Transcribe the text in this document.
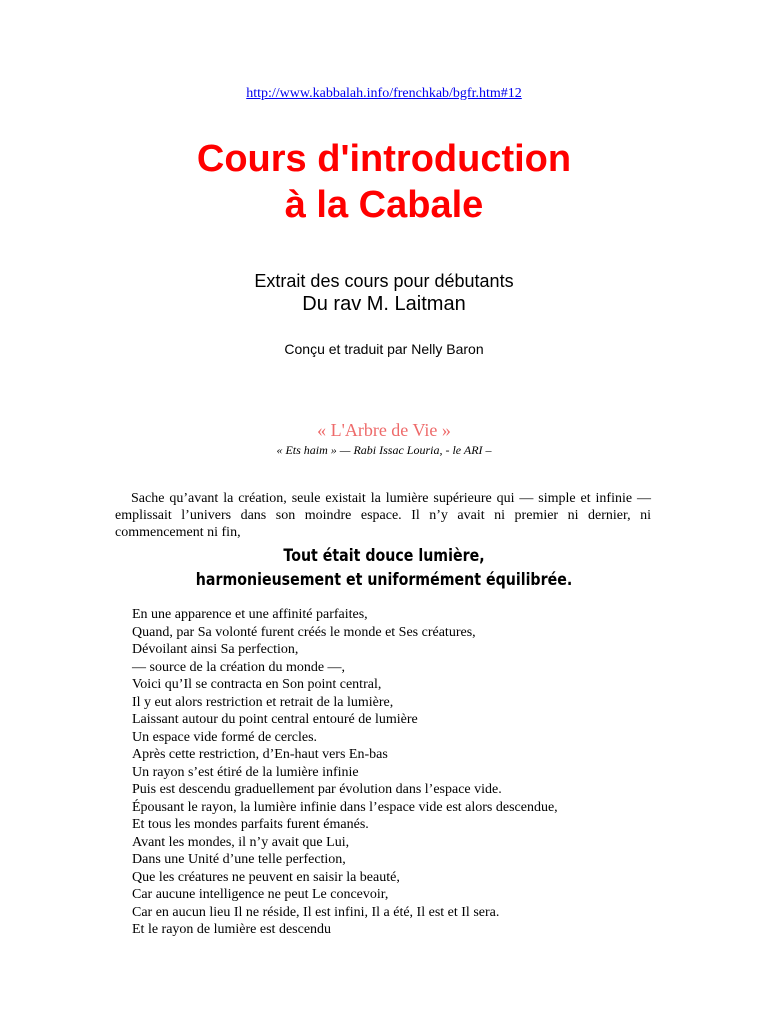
http://www.kabbalah.info/frenchkab/bgfr.htm#12
Cours d'introduction
à la Cabale
Extrait des cours pour débutants
Du rav M. Laitman
Conçu et traduit par Nelly Baron
« L'Arbre de Vie »
« Ets haim » — Rabi Issac Louria, - le ARI –

Sache qu’avant la création, seule existait la lumière supérieure qui — simple et infinie — emplissait l’univers dans son moindre espace. Il n’y avait ni premier ni dernier, ni commencement ni fin,

Tout était douce lumière,
harmonieusement et uniformément équilibrée.
En une apparence et une affinité parfaites,
Quand, par Sa volonté furent créés le monde et Ses créatures,
Dévoilant ainsi Sa perfection,
— source de la création du monde —,
Voici qu’Il se contracta en Son point central,
Il y eut alors restriction et retrait de la lumière,
Laissant autour du point central entouré de lumière
Un espace vide formé de cercles.
Après cette restriction, d’En-haut vers En-bas
Un rayon s’est étiré de la lumière infinie
Puis est descendu graduellement par évolution dans l’espace vide.
Épousant le rayon, la lumière infinie dans l’espace vide est alors descendue,
Et tous les mondes parfaits furent émanés.
Avant les mondes, il n’y avait que Lui,
Dans une Unité d’une telle perfection,
Que les créatures ne peuvent en saisir la beauté,
Car aucune intelligence ne peut Le concevoir,
Car en aucun lieu Il ne réside, Il est infini, Il a été, Il est et Il sera.
Et le rayon de lumière est descendu
